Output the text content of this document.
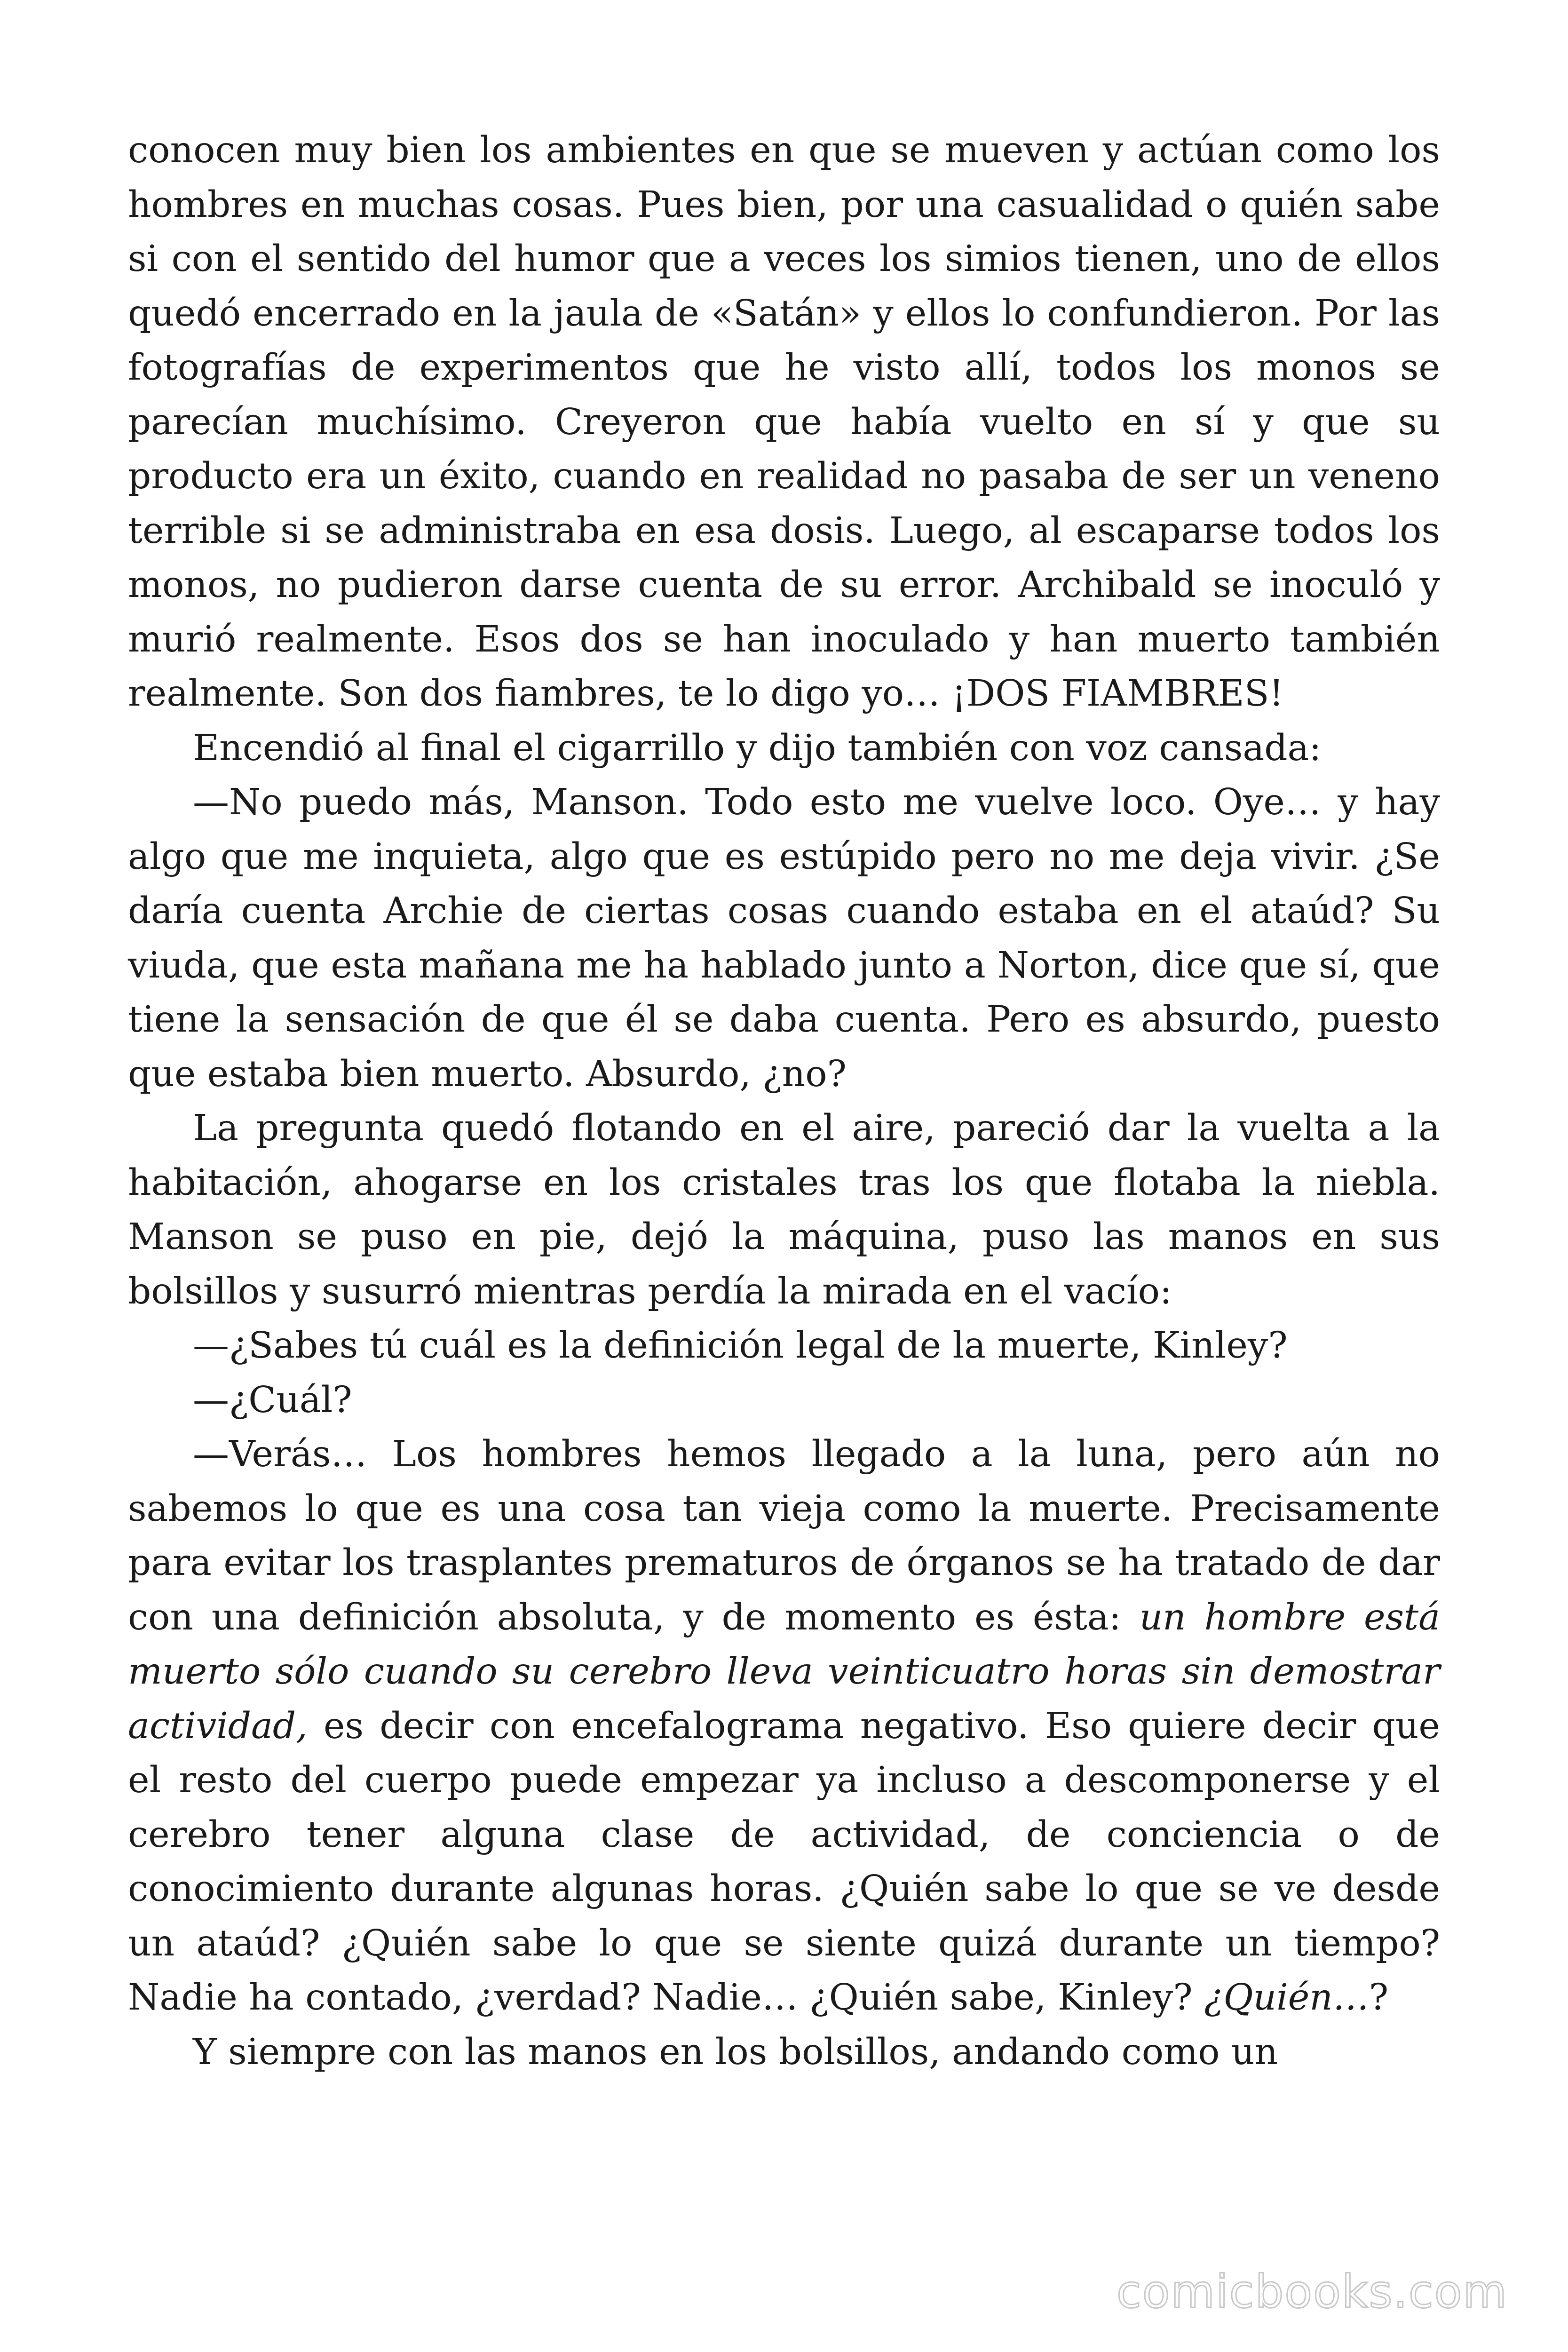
conocen muy bien los ambientes en que se mueven y actúan como los hombres en muchas cosas. Pues bien, por una casualidad o quién sabe si con el sentido del humor que a veces los simios tienen, uno de ellos quedó encerrado en la jaula de «Satán» y ellos lo confundieron. Por las fotografías de experimentos que he visto allí, todos los monos se parecían muchísimo. Creyeron que había vuelto en sí y que su producto era un éxito, cuando en realidad no pasaba de ser un veneno terrible si se administraba en esa dosis. Luego, al escaparse todos los monos, no pudieron darse cuenta de su error. Archibald se inoculó y murió realmente. Esos dos se han inoculado y han muerto también realmente. Son dos fiambres, te lo digo yo… ¡DOS FIAMBRES!

Encendió al final el cigarrillo y dijo también con voz cansada:

—No puedo más, Manson. Todo esto me vuelve loco. Oye… y hay algo que me inquieta, algo que es estúpido pero no me deja vivir. ¿Se daría cuenta Archie de ciertas cosas cuando estaba en el ataúd? Su viuda, que esta mañana me ha hablado junto a Norton, dice que sí, que tiene la sensación de que él se daba cuenta. Pero es absurdo, puesto que estaba bien muerto. Absurdo, ¿no?

La pregunta quedó flotando en el aire, pareció dar la vuelta a la habitación, ahogarse en los cristales tras los que flotaba la niebla. Manson se puso en pie, dejó la máquina, puso las manos en sus bolsillos y susurró mientras perdía la mirada en el vacío:

—¿Sabes tú cuál es la definición legal de la muerte, Kinley?

—¿Cuál?

—Verás… Los hombres hemos llegado a la luna, pero aún no sabemos lo que es una cosa tan vieja como la muerte. Precisamente para evitar los trasplantes prematuros de órganos se ha tratado de dar con una definición absoluta, y de momento es ésta: un hombre está muerto sólo cuando su cerebro lleva veinticuatro horas sin demostrar actividad, es decir con encefalograma negativo. Eso quiere decir que el resto del cuerpo puede empezar ya incluso a descomponerse y el cerebro tener alguna clase de actividad, de conciencia o de conocimiento durante algunas horas. ¿Quién sabe lo que se ve desde un ataúd? ¿Quién sabe lo que se siente quizá durante un tiempo? Nadie ha contado, ¿verdad? Nadie… ¿Quién sabe, Kinley? ¿Quién…?

Y siempre con las manos en los bolsillos, andando como un

comicbooks.com
